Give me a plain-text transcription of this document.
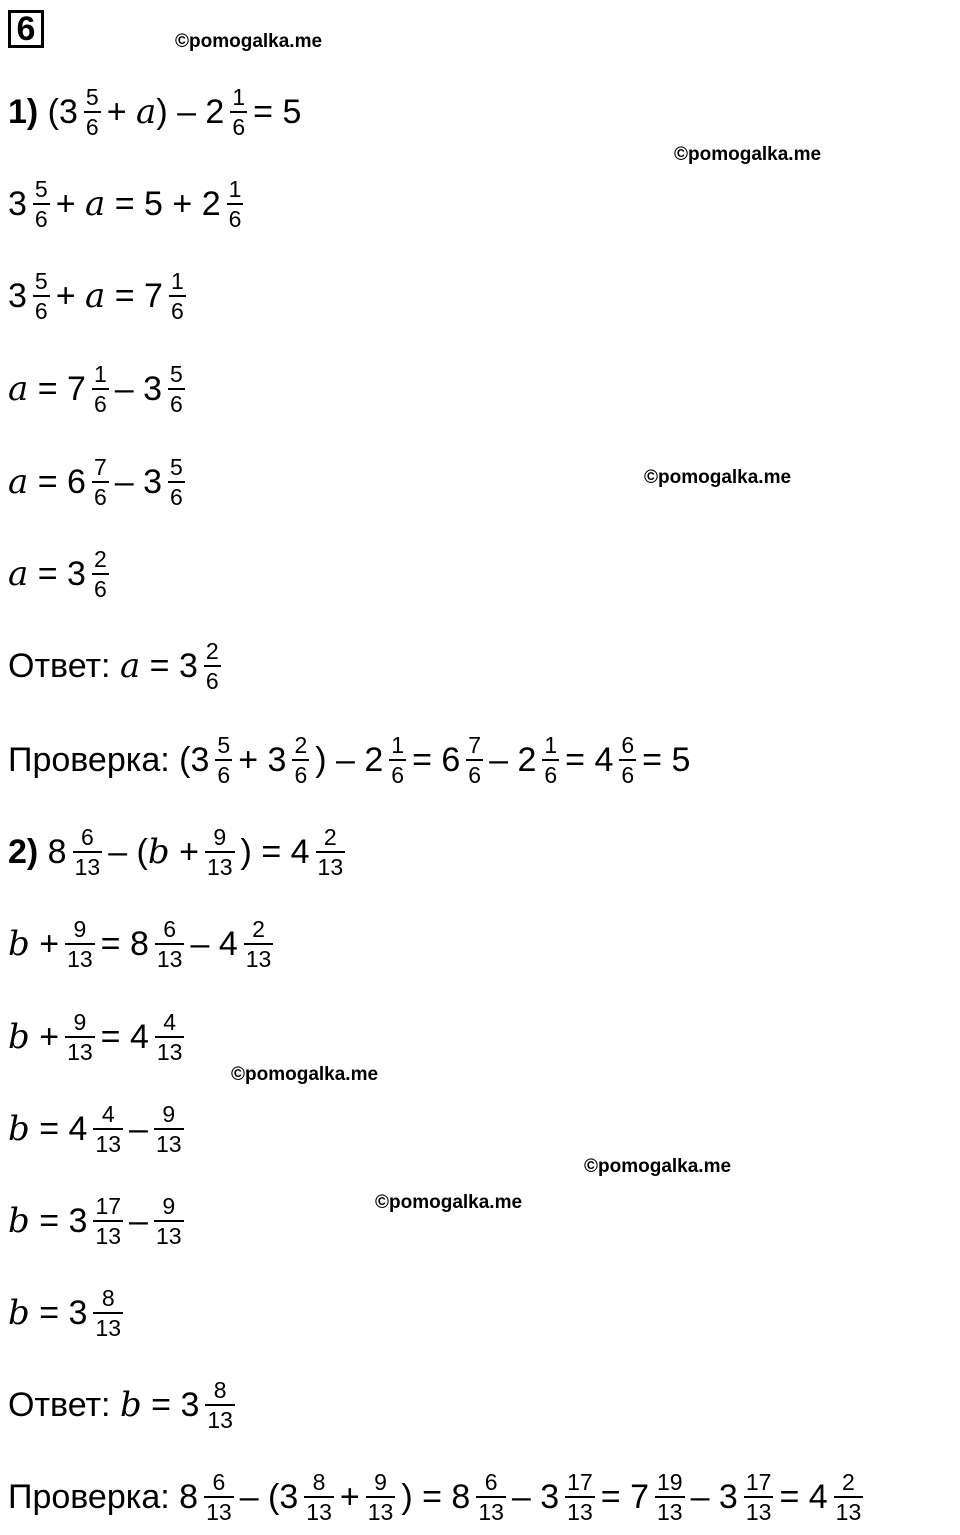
6	©pomogalka.me
©pomogalka.me
©pomogalka.me
©pomogalka.me
©pomogalka.me
©pomogalka.me
1) ($3 \frac{5}{6} + a$ ) – $2 \frac{1}{6} = 5$
$3 \frac{5}{6} + a = 5 + 2 \frac{1}{6}$
$3 \frac{5}{6} + a = 7 \frac{1}{6}$
$a = 7 \frac{1}{6} - 3 \frac{5}{6}$
$a = 6 \frac{7}{6} - 3 \frac{5}{6}$
$a = 3 \frac{2}{6}$
Ответ: $a = 3 \frac{2}{6}$
Проверка: ($3 \frac{5}{6} + 3 \frac{2}{6}$ ) – $2 \frac{1}{6} = 6 \frac{7}{6} - 2 \frac{1}{6} = 4 \frac{6}{6} = 5$
2) $8 \frac{6}{13}$ – ( $b + \frac{9}{13}$ ) = $4 \frac{2}{13}$
$b + \frac{9}{13} = 8 \frac{6}{13} - 4 \frac{2}{13}$
$b + \frac{9}{13} = 4 \frac{4}{13}$
$b = 4 \frac{4}{13} - \frac{9}{13}$
$b = 3 \frac{17}{13} - \frac{9}{13}$
$b = 3 \frac{8}{13}$
Ответ: $b = 3 \frac{8}{13}$
Проверка: $8 \frac{6}{13} - (3 \frac{8}{13} + \frac{9}{13}$ ) = $8 \frac{6}{13} - 3 \frac{17}{13} = 7 \frac{19}{13} - 3 \frac{17}{13} = 4 \frac{2}{13}$
